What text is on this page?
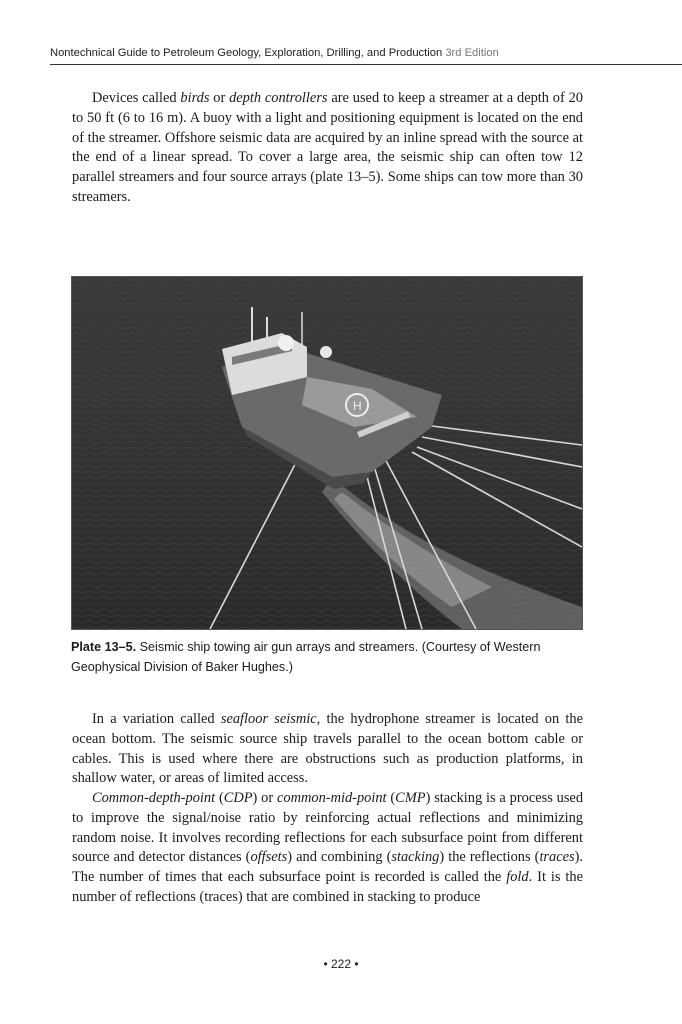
Nontechnical Guide to Petroleum Geology, Exploration, Drilling, and Production 3rd Edition

Devices called birds or depth controllers are used to keep a streamer at a depth of 20 to 50 ft (6 to 16 m). A buoy with a light and positioning equipment is located on the end of the streamer. Offshore seismic data are acquired by an inline spread with the source at the end of a linear spread. To cover a large area, the seismic ship can often tow 12 parallel streamers and four source arrays (plate 13–5). Some ships can tow more than 30 streamers.

H

Plate 13–5. Seismic ship towing air gun arrays and streamers. (Courtesy of Western Geophysical Division of Baker Hughes.)

In a variation called seafloor seismic, the hydrophone streamer is located on the ocean bottom. The seismic source ship travels parallel to the ocean bottom cable or cables. This is used where there are obstructions such as production platforms, in shallow water, or areas of limited access.

Common-depth-point (CDP) or common-mid-point (CMP) stacking is a process used to improve the signal/noise ratio by reinforcing actual reflections and minimizing random noise. It involves recording reflections for each subsurface point from different source and detector distances (offsets) and combining (stacking) the reflections (traces). The number of times that each subsurface point is recorded is called the fold. It is the number of reflections (traces) that are combined in stacking to produce

• 222 •
